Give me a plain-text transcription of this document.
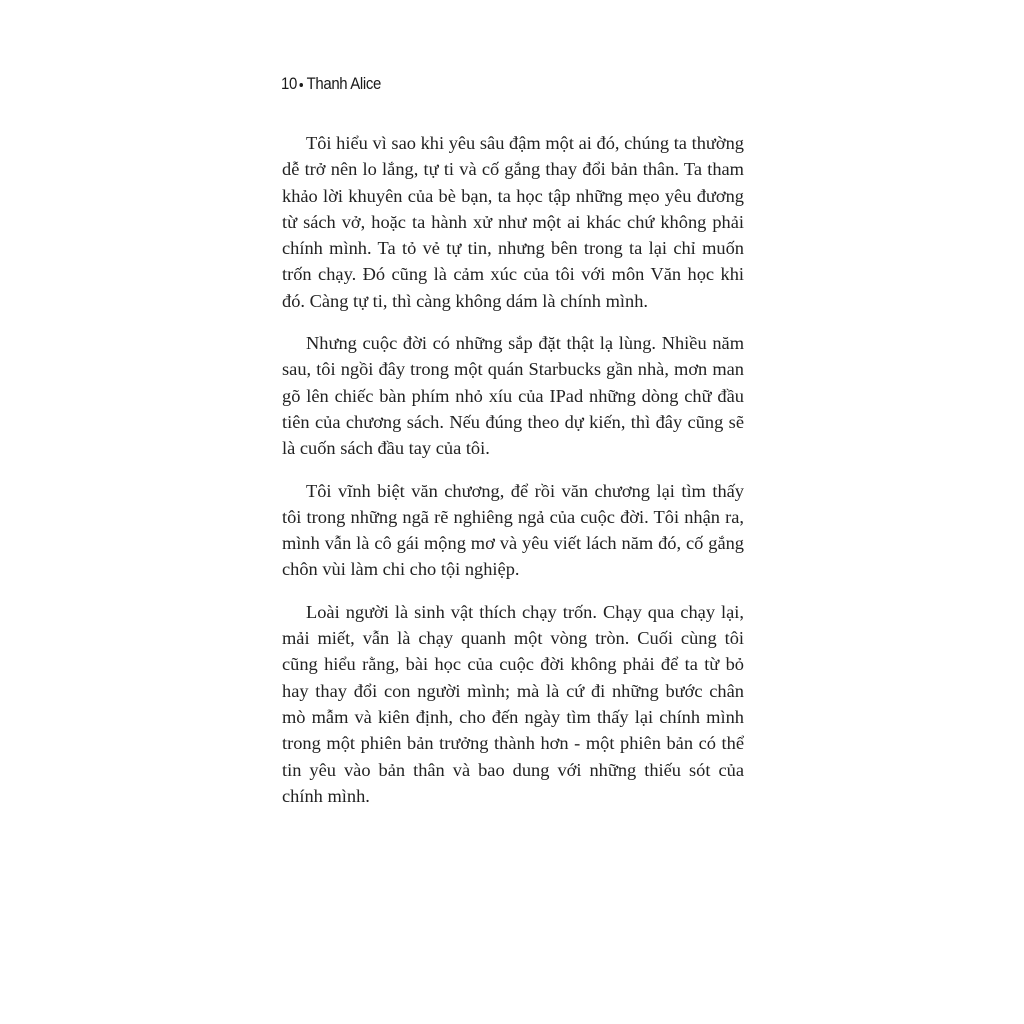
10 Thanh Alice

Tôi hiểu vì sao khi yêu sâu đậm một ai đó, chúng ta thường dễ trở nên lo lắng, tự ti và cố gắng thay đổi bản thân. Ta tham khảo lời khuyên của bè bạn, ta học tập những mẹo yêu đương từ sách vở, hoặc ta hành xử như một ai khác chứ không phải chính mình. Ta tỏ vẻ tự tin, nhưng bên trong ta lại chỉ muốn trốn chạy. Đó cũng là cảm xúc của tôi với môn Văn học khi đó. Càng tự ti, thì càng không dám là chính mình.

Nhưng cuộc đời có những sắp đặt thật lạ lùng. Nhiều năm sau, tôi ngồi đây trong một quán Starbucks gần nhà, mơn man gõ lên chiếc bàn phím nhỏ xíu của IPad những dòng chữ đầu tiên của chương sách. Nếu đúng theo dự kiến, thì đây cũng sẽ là cuốn sách đầu tay của tôi.

Tôi vĩnh biệt văn chương, để rồi văn chương lại tìm thấy tôi trong những ngã rẽ nghiêng ngả của cuộc đời. Tôi nhận ra, mình vẫn là cô gái mộng mơ và yêu viết lách năm đó, cố gắng chôn vùi làm chi cho tội nghiệp.

Loài người là sinh vật thích chạy trốn. Chạy qua chạy lại, mải miết, vẫn là chạy quanh một vòng tròn. Cuối cùng tôi cũng hiểu rằng, bài học của cuộc đời không phải để ta từ bỏ hay thay đổi con người mình; mà là cứ đi những bước chân mò mẫm và kiên định, cho đến ngày tìm thấy lại chính mình trong một phiên bản trưởng thành hơn - một phiên bản có thể tin yêu vào bản thân và bao dung với những thiếu sót của chính mình.
